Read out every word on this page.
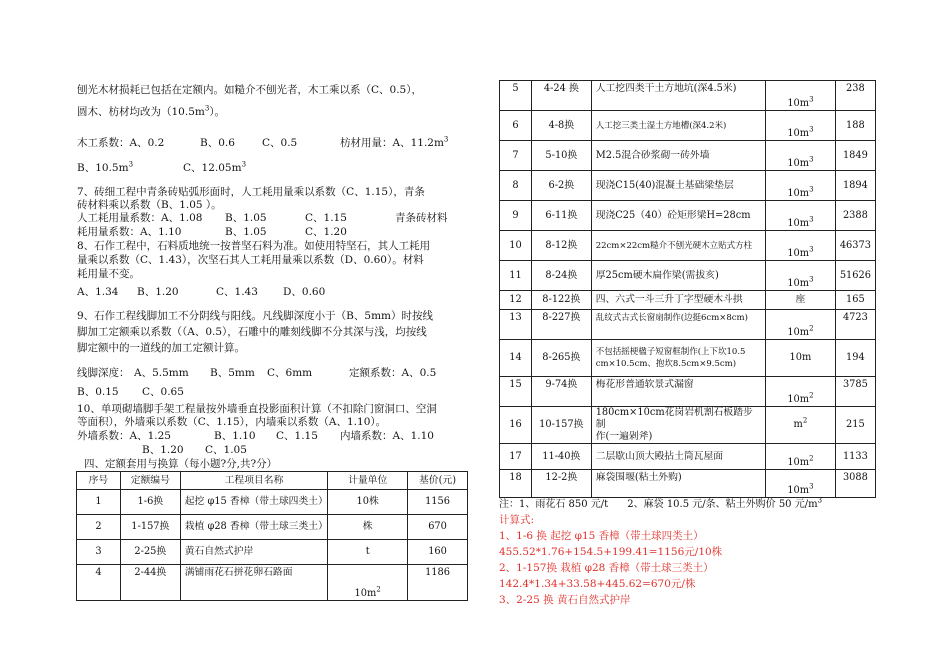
刨光木材损耗已包括在定额内。如糙介不刨光者，木工乘以系（C、0.5），
圆木、枋材均改为$(10.5m^3)$。
木工系数：A、0.2	B、0.6	C、0.5	枋材用量：A、$11.2m^3$
B、$10.5m^3$	C、$12.05m^3$
7、砖细工程中青条砖贴弧形面时，人工耗用量乘以系数（C、1.15），青条
砖材料乘以系数（B、1.05 ）。
人工耗用量系数：A、1.08 B、1.05	C、1.15	青条砖材料
耗用量系数：A、1.10	B、1.05	C、1.20
8、石作工程中，石料质地统一按普坚石料为准。如使用特坚石，其人工耗用
量乘以系数（C、1.43），次坚石其人工耗用量乘以系数（D、0.60）。材料
耗用量不变。
A、1.34 B、1.20	C、1.43 D、0.60
9、石作工程线脚加工不分阴线与阳线。凡线脚深度小于（B、5mm）时按线
脚加工定额乘以系数（（A、0.5），石雕中的雕刻线脚不分其深与浅，均按线
脚定额中的一道线的加工定额计算。
线脚深度： A、5.5mm B、5mm C、6mm	定额系数：A、0.5
B、0.15 C、0.65
10、单项砌墙脚手架工程量按外墙垂直投影面积计算（不扣除门窗洞口、空洞
等面积），外墙乘以系数（C、1.15），内墙乘以系数（A、1.10）。
外墙系数：A、1.25	B、1.10 C、1.15 内墙系数：A、1.10
B、1.20 C、1.05
四、定额套用与换算（每小题?分,共?分）
序号	定额编号	工程项目名称	计量单位	基价(元)
1	1-6换	起挖 φ15 香樟（带土球四类土）	10株	1156
2	1-157换	栽植 φ28 香樟（带土球三类土）	株	670
3	2-25换	黄石自然式护岸	t	160
4	2-44换	满铺雨花石拼花卵石路面	$10m^2$	1186
5	4-24 换	人工挖四类干土方地坑(深4.5米)	$10m^3$	238
6	4-8换	人工挖三类土湿土方地槽(深4.2米)	$10m^3$	188
7	5-10换	M2.5混合砂浆砌一砖外墙	$10m^3$	1849
8	6-2换	现浇C15(40)混凝土基础梁垫层	$10m^3$	1894
9	6-11换	现浇C25（40）砼矩形梁H=28cm	$10m^3$	2388
10	8-12换	22cm×22cm糙介不刨光硬木立贴式方柱	$10m^3$	46373
11	8-24换	厚25cm硬木扁作梁(需拔亥)	$10m^3$	51626
12	8-122换	四、六式一斗三升丁字型硬木斗拱	座	165
13	8-227换	乱纹式古式长窗扇制作(边挺6cm×8cm)	$10m^2$	4723
14	8-265换	不包括摇梗楹子短窗框制作(上下坎10.5
cm×10.5cm、抱坎8.5cm×9.5cm)	10m	194
15	9-74换	梅花形普通软景式漏窗	$10m^2$	3785
16	10-157换	180cm×10cm花岗岩机割石板踏步制
作(一遍剁斧)	$m^2$	215
17	11-40换	二层歇山顶大殿拈土筒瓦屋面	$10m^2$	1133
18	12-2换	麻袋围堰(粘土外购)	$10m^3$	3088
注：1、雨花石 850 元/t 2、麻袋 10.5 元/条、粘土外购价 50 元$/m^3$
计算式:
1、1-6 换 起挖 φ15 香樟（带土球四类土）
455.52*1.76+154.5+199.41=1156元/10株
2、1-157换 栽植 φ28 香樟（带土球三类土）
142.4*1.34+33.58+445.62=670元/株
3、2-25 换 黄石自然式护岸
